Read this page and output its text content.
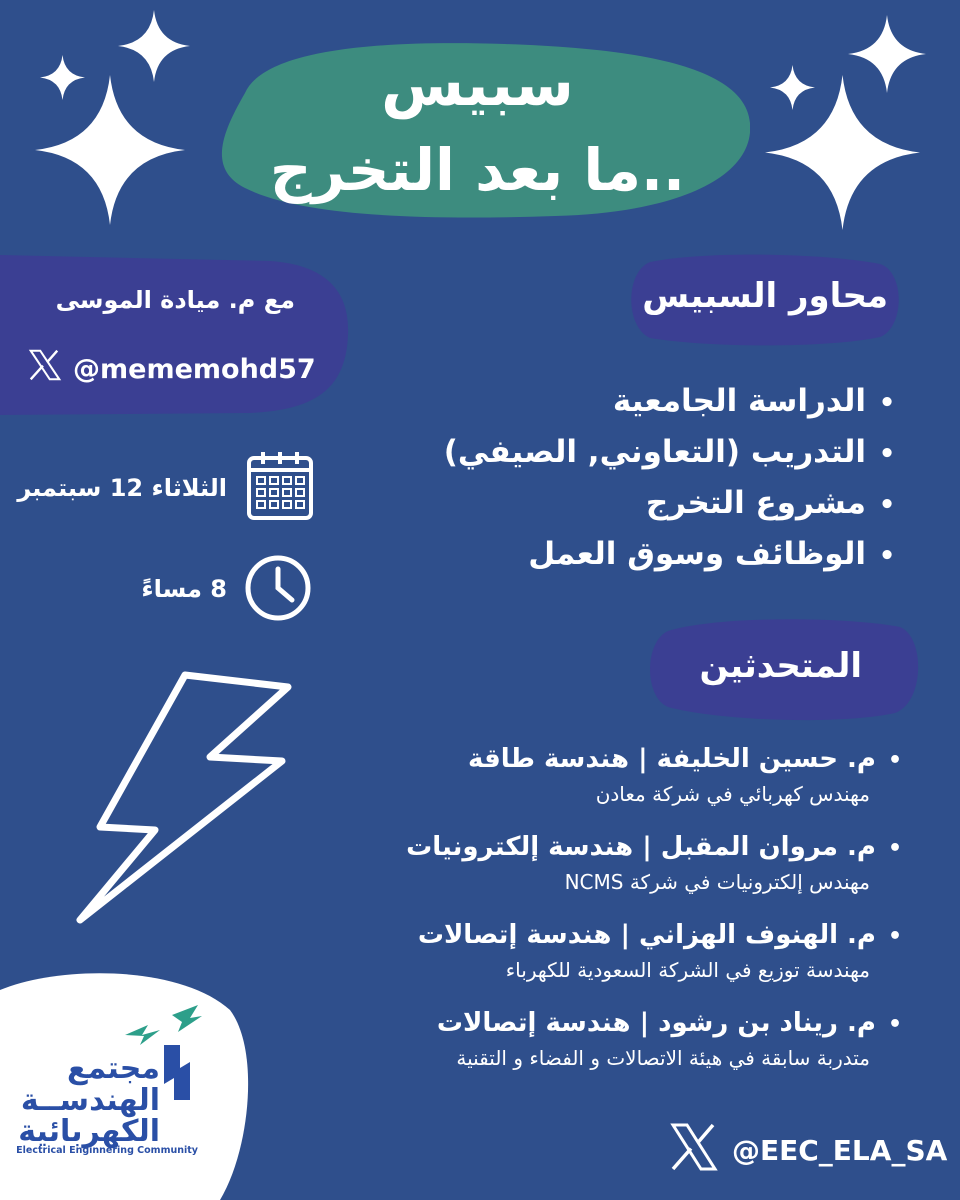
سبيس
ما بعد التخرج..
مع م. ميادة الموسى
@mememohd57
الثلاثاء 12 سبتمبر
8 مساءً
محاور السبيس
• الدراسة الجامعية
• التدريب (التعاوني, الصيفي)
• مشروع التخرج
• الوظائف وسوق العمل
المتحدثين
• م. حسين الخليفة | هندسة طاقة
مهندس كهربائي في شركة معادن
• م. مروان المقبل | هندسة إلكترونيات
مهندس إلكترونيات في شركة NCMS
• م. الهنوف الهزاني | هندسة إتصالات
مهندسة توزيع في الشركة السعودية للكهرباء
• م. ريناد بن رشود | هندسة إتصالات
متدربة سابقة في هيئة الاتصالات و الفضاء و التقنية
مجتمع
الهندســة
الكهربائية
Electrical Enginnering Community	@EEC_ELA_SA
